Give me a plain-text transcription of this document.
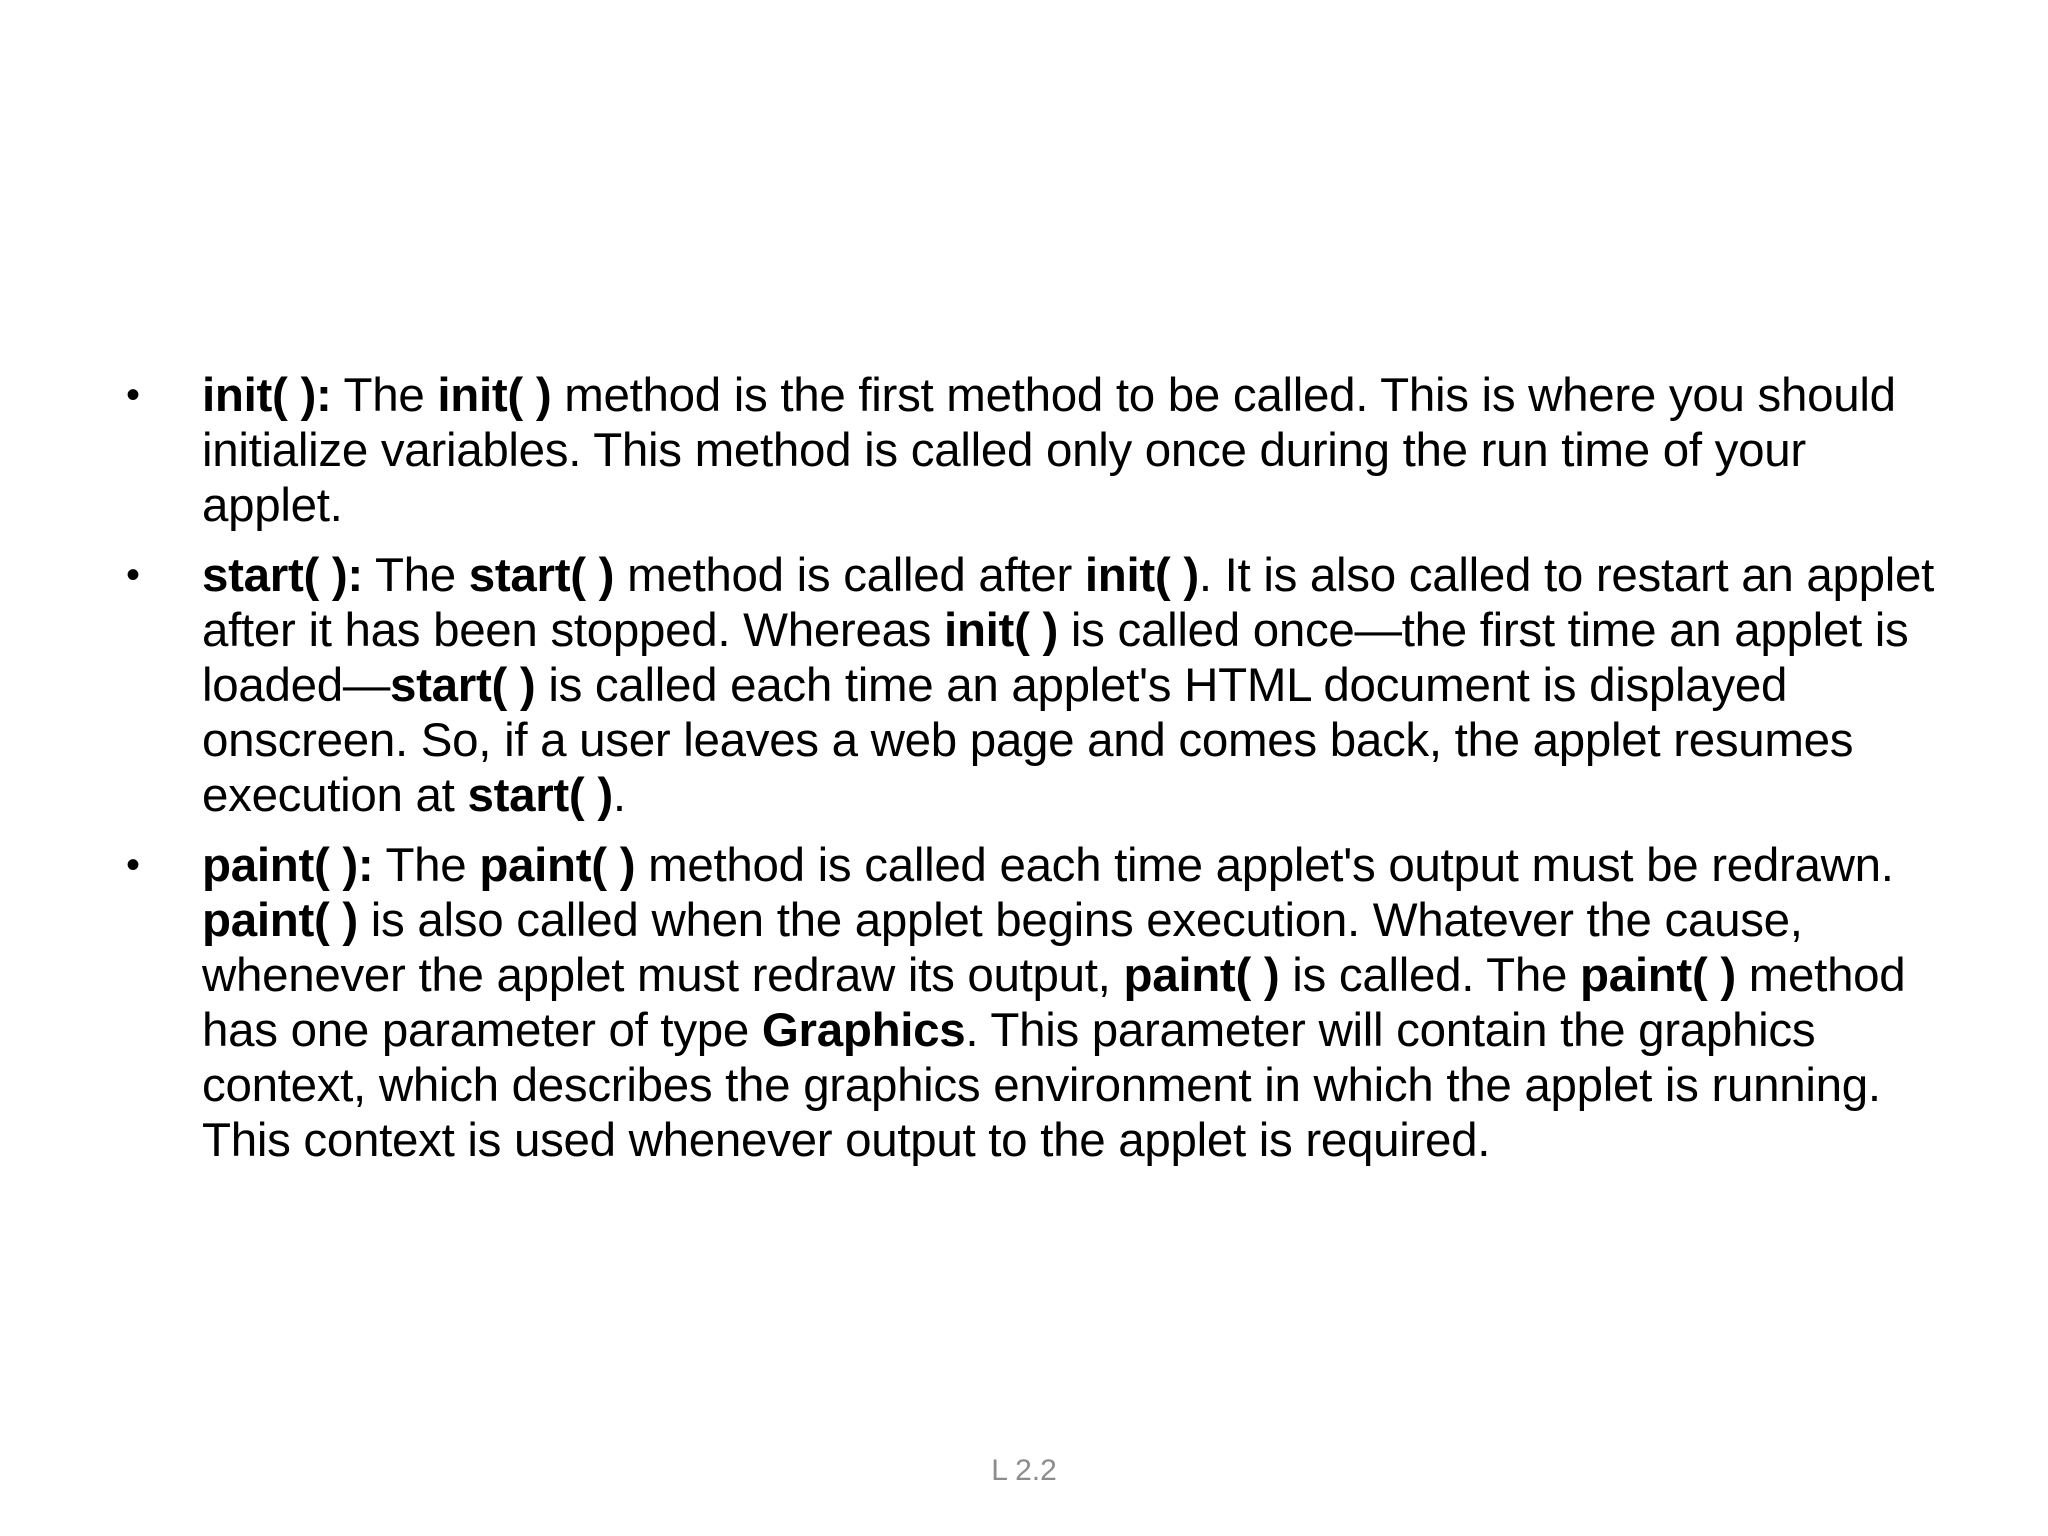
• init( ): The init( ) method is the first method to be called. This is where you should initialize variables. This method is called only once during the run time of your applet.
• start( ): The start( ) method is called after init( ). It is also called to restart an applet after it has been stopped. Whereas init( ) is called once—the first time an applet is loaded—start( ) is called each time an applet's HTML document is displayed onscreen. So, if a user leaves a web page and comes back, the applet resumes execution at start( ).
• paint( ): The paint( ) method is called each time applet's output must be redrawn. paint( ) is also called when the applet begins execution. Whatever the cause, whenever the applet must redraw its output, paint( ) is called. The paint( ) method has one parameter of type Graphics. This parameter will contain the graphics context, which describes the graphics environment in which the applet is running. This context is used whenever output to the applet is required.
L 2.2
